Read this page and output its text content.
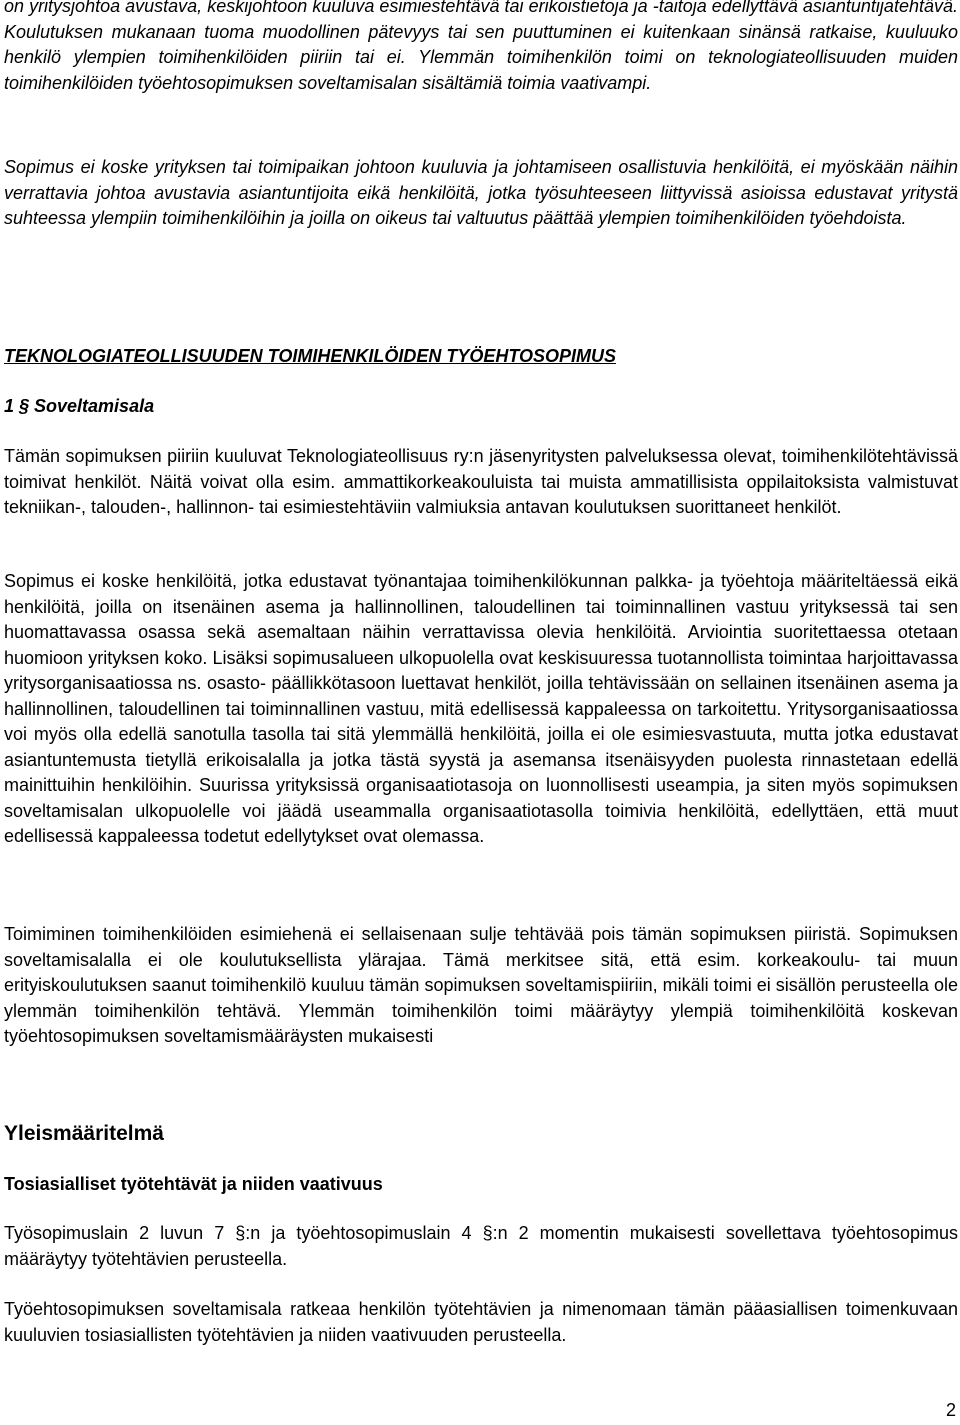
on yritysjohtoa avustava, keskijohtoon kuuluva esimiestehtävä tai erikoistietoja ja -taitoja edellyttävä asiantuntijatehtävä. Koulutuksen mukanaan tuoma muodollinen pätevyys tai sen puuttuminen ei kuitenkaan sinänsä ratkaise, kuuluuko henkilö ylempien toimihenkilöiden piiriin tai ei. Ylemmän toimihenkilön toimi on teknologiateollisuuden muiden toimihenkilöiden työehtosopimuksen soveltamisalan sisältämiä toimia vaativampi.

Sopimus ei koske yrityksen tai toimipaikan johtoon kuuluvia ja johtamiseen osallistuvia henkilöitä, ei myöskään näihin verrattavia johtoa avustavia asiantuntijoita eikä henkilöitä, jotka työsuhteeseen liittyvissä asioissa edustavat yritystä suhteessa ylempiin toimihenkilöihin ja joilla on oikeus tai valtuutus päättää ylempien toimihenkilöiden työehdoista.

TEKNOLOGIATEOLLISUUDEN TOIMIHENKILÖIDEN TYÖEHTOSOPIMUS
1 § Soveltamisala

Tämän sopimuksen piiriin kuuluvat Teknologiateollisuus ry:n jäsenyritysten palveluksessa olevat, toimihenkilötehtävissä toimivat henkilöt. Näitä voivat olla esim. ammattikorkeakouluista tai muista ammatillisista oppilaitoksista valmistuvat tekniikan-, talouden-, hallinnon- tai esimiestehtäviin valmiuksia antavan koulutuksen suorittaneet henkilöt.

Sopimus ei koske henkilöitä, jotka edustavat työnantajaa toimihenkilökunnan palkka- ja työehtoja määriteltäessä eikä henkilöitä, joilla on itsenäinen asema ja hallinnollinen, taloudellinen tai toiminnallinen vastuu yrityksessä tai sen huomattavassa osassa sekä asemaltaan näihin verrattavissa olevia henkilöitä. Arviointia suoritettaessa otetaan huomioon yrityksen koko. Lisäksi sopimusalueen ulkopuolella ovat keskisuuressa tuotannollista toimintaa harjoittavassa yritysorganisaatiossa ns. osasto- päällikkötasoon luettavat henkilöt, joilla tehtävissään on sellainen itsenäinen asema ja hallinnollinen, taloudellinen tai toiminnallinen vastuu, mitä edellisessä kappaleessa on tarkoitettu. Yritysorganisaatiossa voi myös olla edellä sanotulla tasolla tai sitä ylemmällä henkilöitä, joilla ei ole esimiesvastuuta, mutta jotka edustavat asiantuntemusta tietyllä erikoisalalla ja jotka tästä syystä ja asemansa itsenäisyyden puolesta rinnastetaan edellä mainittuihin henkilöihin. Suurissa yrityksissä organisaatiotasoja on luonnollisesti useampia, ja siten myös sopimuksen soveltamisalan ulkopuolelle voi jäädä useammalla organisaatiotasolla toimivia henkilöitä, edellyttäen, että muut edellisessä kappaleessa todetut edellytykset ovat olemassa.

Toimiminen toimihenkilöiden esimiehenä ei sellaisenaan sulje tehtävää pois tämän sopimuksen piiristä. Sopimuksen soveltamisalalla ei ole koulutuksellista ylärajaa. Tämä merkitsee sitä, että esim. korkeakoulu- tai muun erityiskoulutuksen saanut toimihenkilö kuuluu tämän sopimuksen soveltamispiiriin, mikäli toimi ei sisällön perusteella ole ylemmän toimihenkilön tehtävä. Ylemmän toimihenkilön toimi määräytyy ylempiä toimihenkilöitä koskevan työehtosopimuksen soveltamismääräysten mukaisesti

Yleismääritelmä
Tosiasialliset työtehtävät ja niiden vaativuus

Työsopimuslain 2 luvun 7 §:n ja työehtosopimuslain 4 §:n 2 momentin mukaisesti sovellettava työehtosopimus määräytyy työtehtävien perusteella.

Työehtosopimuksen soveltamisala ratkeaa henkilön työtehtävien ja nimenomaan tämän pääasiallisen toimenkuvaan kuuluvien tosiasiallisten työtehtävien ja niiden vaativuuden perusteella.

2
